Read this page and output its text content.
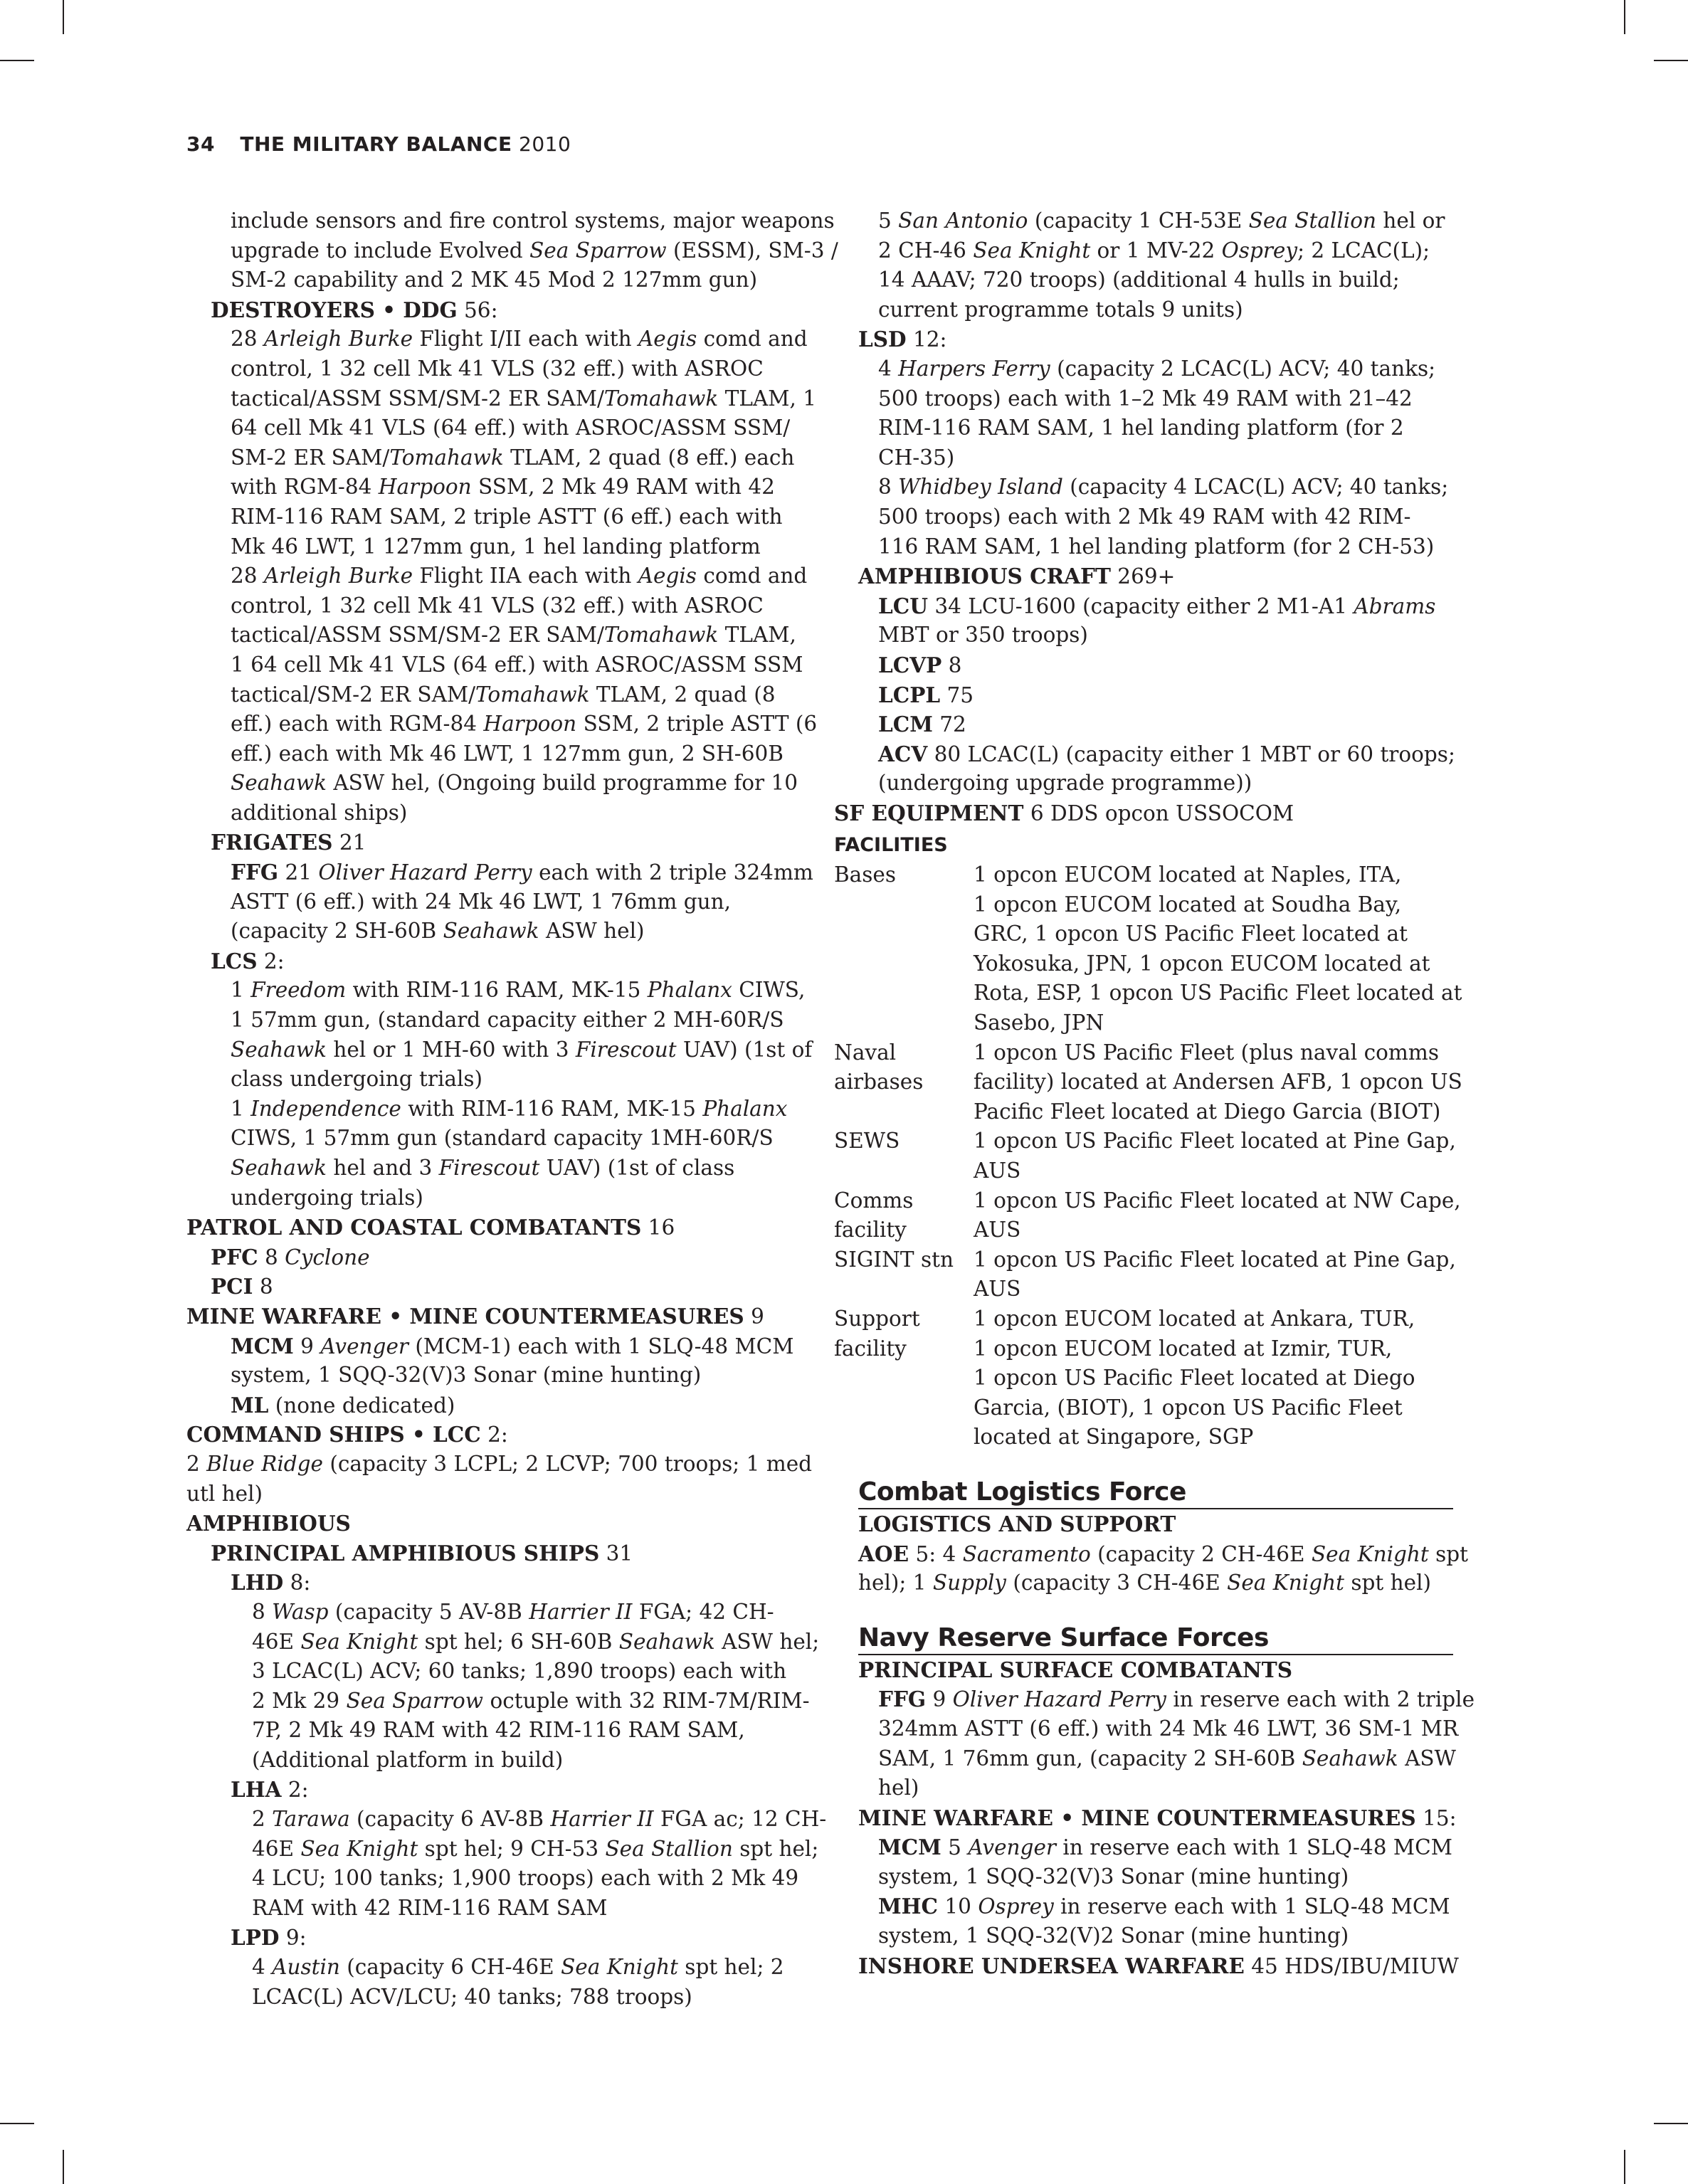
34 THE MILITARY BALANCE 2010
include sensors and fire control systems, major weapons
upgrade to include Evolved Sea Sparrow (ESSM), SM-3 /
SM-2 capability and 2 MK 45 Mod 2 127mm gun)
DESTROYERS • DDG 56:
28 Arleigh Burke Flight I/II each with Aegis comd and
control, 1 32 cell Mk 41 VLS (32 eff.) with ASROC
tactical/ASSM SSM/SM-2 ER SAM/Tomahawk TLAM, 1
64 cell Mk 41 VLS (64 eff.) with ASROC/ASSM SSM/
SM-2 ER SAM/Tomahawk TLAM, 2 quad (8 eff.) each
with RGM-84 Harpoon SSM, 2 Mk 49 RAM with 42
RIM-116 RAM SAM, 2 triple ASTT (6 eff.) each with
Mk 46 LWT, 1 127mm gun, 1 hel landing platform
28 Arleigh Burke Flight IIA each with Aegis comd and
control, 1 32 cell Mk 41 VLS (32 eff.) with ASROC
tactical/ASSM SSM/SM-2 ER SAM/Tomahawk TLAM,
1 64 cell Mk 41 VLS (64 eff.) with ASROC/ASSM SSM
tactical/SM-2 ER SAM/Tomahawk TLAM, 2 quad (8
eff.) each with RGM-84 Harpoon SSM, 2 triple ASTT (6
eff.) each with Mk 46 LWT, 1 127mm gun, 2 SH-60B
Seahawk ASW hel, (Ongoing build programme for 10
additional ships)
FRIGATES 21
FFG 21 Oliver Hazard Perry each with 2 triple 324mm
ASTT (6 eff.) with 24 Mk 46 LWT, 1 76mm gun,
(capacity 2 SH-60B Seahawk ASW hel)
LCS 2:
1 Freedom with RIM-116 RAM, MK-15 Phalanx CIWS,
1 57mm gun, (standard capacity either 2 MH-60R/S
Seahawk hel or 1 MH-60 with 3 Firescout UAV) (1st of
class undergoing trials)
1 Independence with RIM-116 RAM, MK-15 Phalanx
CIWS, 1 57mm gun (standard capacity 1MH-60R/S
Seahawk hel and 3 Firescout UAV) (1st of class
undergoing trials)
PATROL AND COASTAL COMBATANTS 16
PFC 8 Cyclone
PCI 8
MINE WARFARE • MINE COUNTERMEASURES 9
MCM 9 Avenger (MCM-1) each with 1 SLQ-48 MCM
system, 1 SQQ-32(V)3 Sonar (mine hunting)
ML (none dedicated)
COMMAND SHIPS • LCC 2:
2 Blue Ridge (capacity 3 LCPL; 2 LCVP; 700 troops; 1 med
utl hel)
AMPHIBIOUS
PRINCIPAL AMPHIBIOUS SHIPS 31
LHD 8:
8 Wasp (capacity 5 AV-8B Harrier II FGA; 42 CH-
46E Sea Knight spt hel; 6 SH-60B Seahawk ASW hel;
3 LCAC(L) ACV; 60 tanks; 1,890 troops) each with
2 Mk 29 Sea Sparrow octuple with 32 RIM-7M/RIM-
7P, 2 Mk 49 RAM with 42 RIM-116 RAM SAM,
(Additional platform in build)
LHA 2:
2 Tarawa (capacity 6 AV-8B Harrier II FGA ac; 12 CH-
46E Sea Knight spt hel; 9 CH-53 Sea Stallion spt hel;
4 LCU; 100 tanks; 1,900 troops) each with 2 Mk 49
RAM with 42 RIM-116 RAM SAM
LPD 9:
4 Austin (capacity 6 CH-46E Sea Knight spt hel; 2
LCAC(L) ACV/LCU; 40 tanks; 788 troops)
5 San Antonio (capacity 1 CH-53E Sea Stallion hel or
2 CH-46 Sea Knight or 1 MV-22 Osprey; 2 LCAC(L);
14 AAAV; 720 troops) (additional 4 hulls in build;
current programme totals 9 units)
LSD 12:
4 Harpers Ferry (capacity 2 LCAC(L) ACV; 40 tanks;
500 troops) each with 1–2 Mk 49 RAM with 21–42
RIM-116 RAM SAM, 1 hel landing platform (for 2
CH-35)
8 Whidbey Island (capacity 4 LCAC(L) ACV; 40 tanks;
500 troops) each with 2 Mk 49 RAM with 42 RIM-
116 RAM SAM, 1 hel landing platform (for 2 CH-53)
AMPHIBIOUS CRAFT 269+
LCU 34 LCU-1600 (capacity either 2 M1-A1 Abrams
MBT or 350 troops)
LCVP 8
LCPL 75
LCM 72
ACV 80 LCAC(L) (capacity either 1 MBT or 60 troops;
(undergoing upgrade programme))
SF EQUIPMENT 6 DDS opcon USSOCOM
FACILITIES
Bases	1 opcon EUCOM located at Naples, ITA,
1 opcon EUCOM located at Soudha Bay,
GRC, 1 opcon US Pacific Fleet located at
Yokosuka, JPN, 1 opcon EUCOM located at
Rota, ESP, 1 opcon US Pacific Fleet located at
Sasebo, JPN
Naval
airbases
1 opcon US Pacific Fleet (plus naval comms
facility) located at Andersen AFB, 1 opcon US
Pacific Fleet located at Diego Garcia (BIOT)
SEWS	1 opcon US Pacific Fleet located at Pine Gap,
AUS
Comms
facility
1 opcon US Pacific Fleet located at NW Cape,
AUS
SIGINT stn 1 opcon US Pacific Fleet located at Pine Gap,
AUS
Support
facility
1 opcon EUCOM located at Ankara, TUR,
1 opcon EUCOM located at Izmir, TUR,
1 opcon US Pacific Fleet located at Diego
Garcia, (BIOT), 1 opcon US Pacific Fleet
located at Singapore, SGP
Combat Logistics Force
LOGISTICS AND SUPPORT
AOE 5: 4 Sacramento (capacity 2 CH-46E Sea Knight spt
hel); 1 Supply (capacity 3 CH-46E Sea Knight spt hel)
Navy Reserve Surface Forces
PRINCIPAL SURFACE COMBATANTS
FFG 9 Oliver Hazard Perry in reserve each with 2 triple
324mm ASTT (6 eff.) with 24 Mk 46 LWT, 36 SM-1 MR
SAM, 1 76mm gun, (capacity 2 SH-60B Seahawk ASW
hel)
MINE WARFARE • MINE COUNTERMEASURES 15:
MCM 5 Avenger in reserve each with 1 SLQ-48 MCM
system, 1 SQQ-32(V)3 Sonar (mine hunting)
MHC 10 Osprey in reserve each with 1 SLQ-48 MCM
system, 1 SQQ-32(V)2 Sonar (mine hunting)
INSHORE UNDERSEA WARFARE 45 HDS/IBU/MIUW
